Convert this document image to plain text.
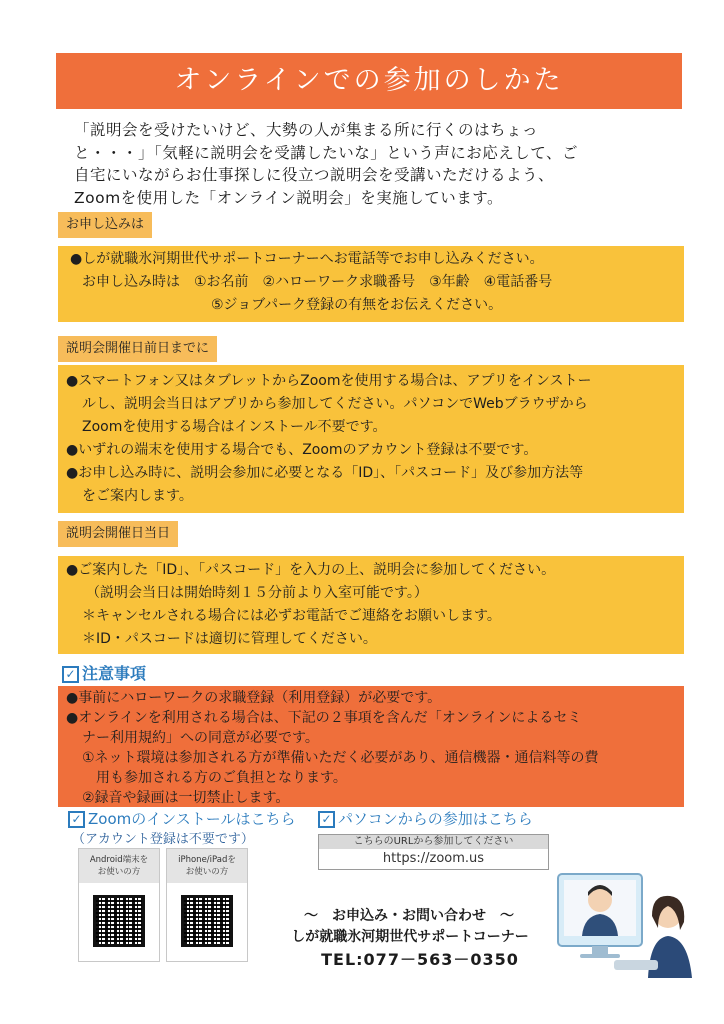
オンラインでの参加のしかた

「説明会を受けたいけど、大勢の人が集まる所に行くのはちょっ

と・・・」「気軽に説明会を受講したいな」という声にお応えして、ご

自宅にいながらお仕事探しに役立つ説明会を受講いただけるよう、

Zoomを使用した「オンライン説明会」を実施しています。

お申し込みは

●しが就職氷河期世代サポートコーナーへお電話等でお申し込みください。

お申し込み時は　①お名前　②ハローワーク求職番号　③年齢　④電話番号

⑤ジョブパーク登録の有無をお伝えください。

説明会開催日前日までに

●スマートフォン又はタブレットからZoomを使用する場合は、アプリをインストー

ルし、説明会当日はアプリから参加してください。パソコンでWebブラウザから

Zoomを使用する場合はインストール不要です。

●いずれの端末を使用する場合でも、Zoomのアカウント登録は不要です。

●お申し込み時に、説明会参加に必要となる「ID」、「パスコード」及び参加方法等

をご案内します。

説明会開催日当日

●ご案内した「ID」、「パスコード」を入力の上、説明会に参加してください。

（説明会当日は開始時刻１５分前より入室可能です。）

＊キャンセルされる場合には必ずお電話でご連絡をお願いします。

＊ID・パスコードは適切に管理してください。

✓ 注意事項

●事前にハローワークの求職登録（利用登録）が必要です。

●オンラインを利用される場合は、下記の２事項を含んだ「オンラインによるセミ

ナー利用規約」への同意が必要です。

①ネット環境は参加される方が準備いただく必要があり、通信機器・通信料等の費

用も参加される方のご負担となります。

②録音や録画は一切禁止します。

✓ Zoomのインストールはこちら
（アカウント登録は不要です）
Android端末を
お使いの方
iPhone/iPadを
お使いの方
✓ パソコンからの参加はこちら
こちらのURLから参加してください
https://zoom.us
～　お申込み・お問い合わせ　～
しが就職氷河期世代サポートコーナー
TEL:077－563－0350
